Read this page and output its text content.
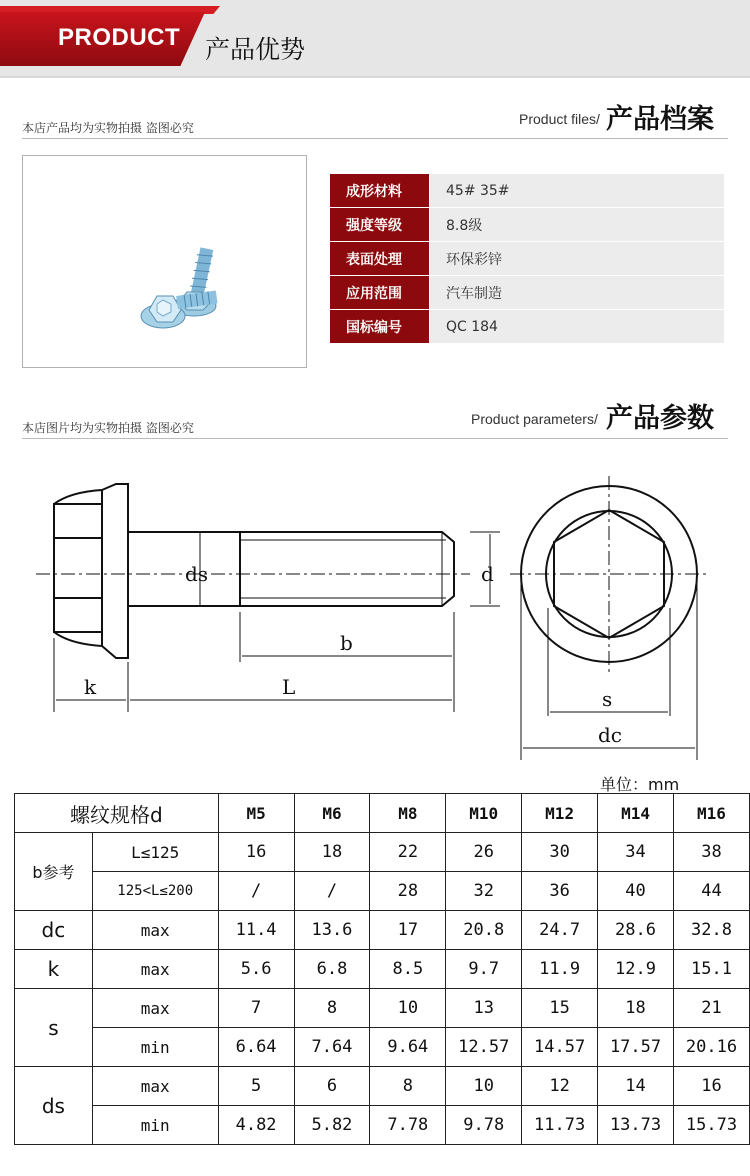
PRODUCT 产品优势
本店产品均为实物拍摄 盗图必究
Product files/ 产品档案
成形材料	45# 35#
强度等级	8.8级
表面处理	环保彩锌
应用范围	汽车制造
国标编号	QC 184
本店图片均为实物拍摄 盗图必究
Product parameters/ 产品参数
ds	d
b
k	L	s
dc
单位：mm
螺纹规格d		M5	M6	M8	M10	M12	M14	M16
b参考	L≤125	16	18	22	26	30	34	38
	125<L≤200	/	/	28	32	36	40	44
dc	max	11.4	13.6	17	20.8	24.7	28.6	32.8
k	max	5.6	6.8	8.5	9.7	11.9	12.9	15.1
s	max	7	8	10	13	15	18	21
	min	6.64	7.64	9.64	12.57	14.57	17.57	20.16
ds	max	5	6	8	10	12	14	16
	min	4.82	5.82	7.78	9.78	11.73	13.73	15.73
